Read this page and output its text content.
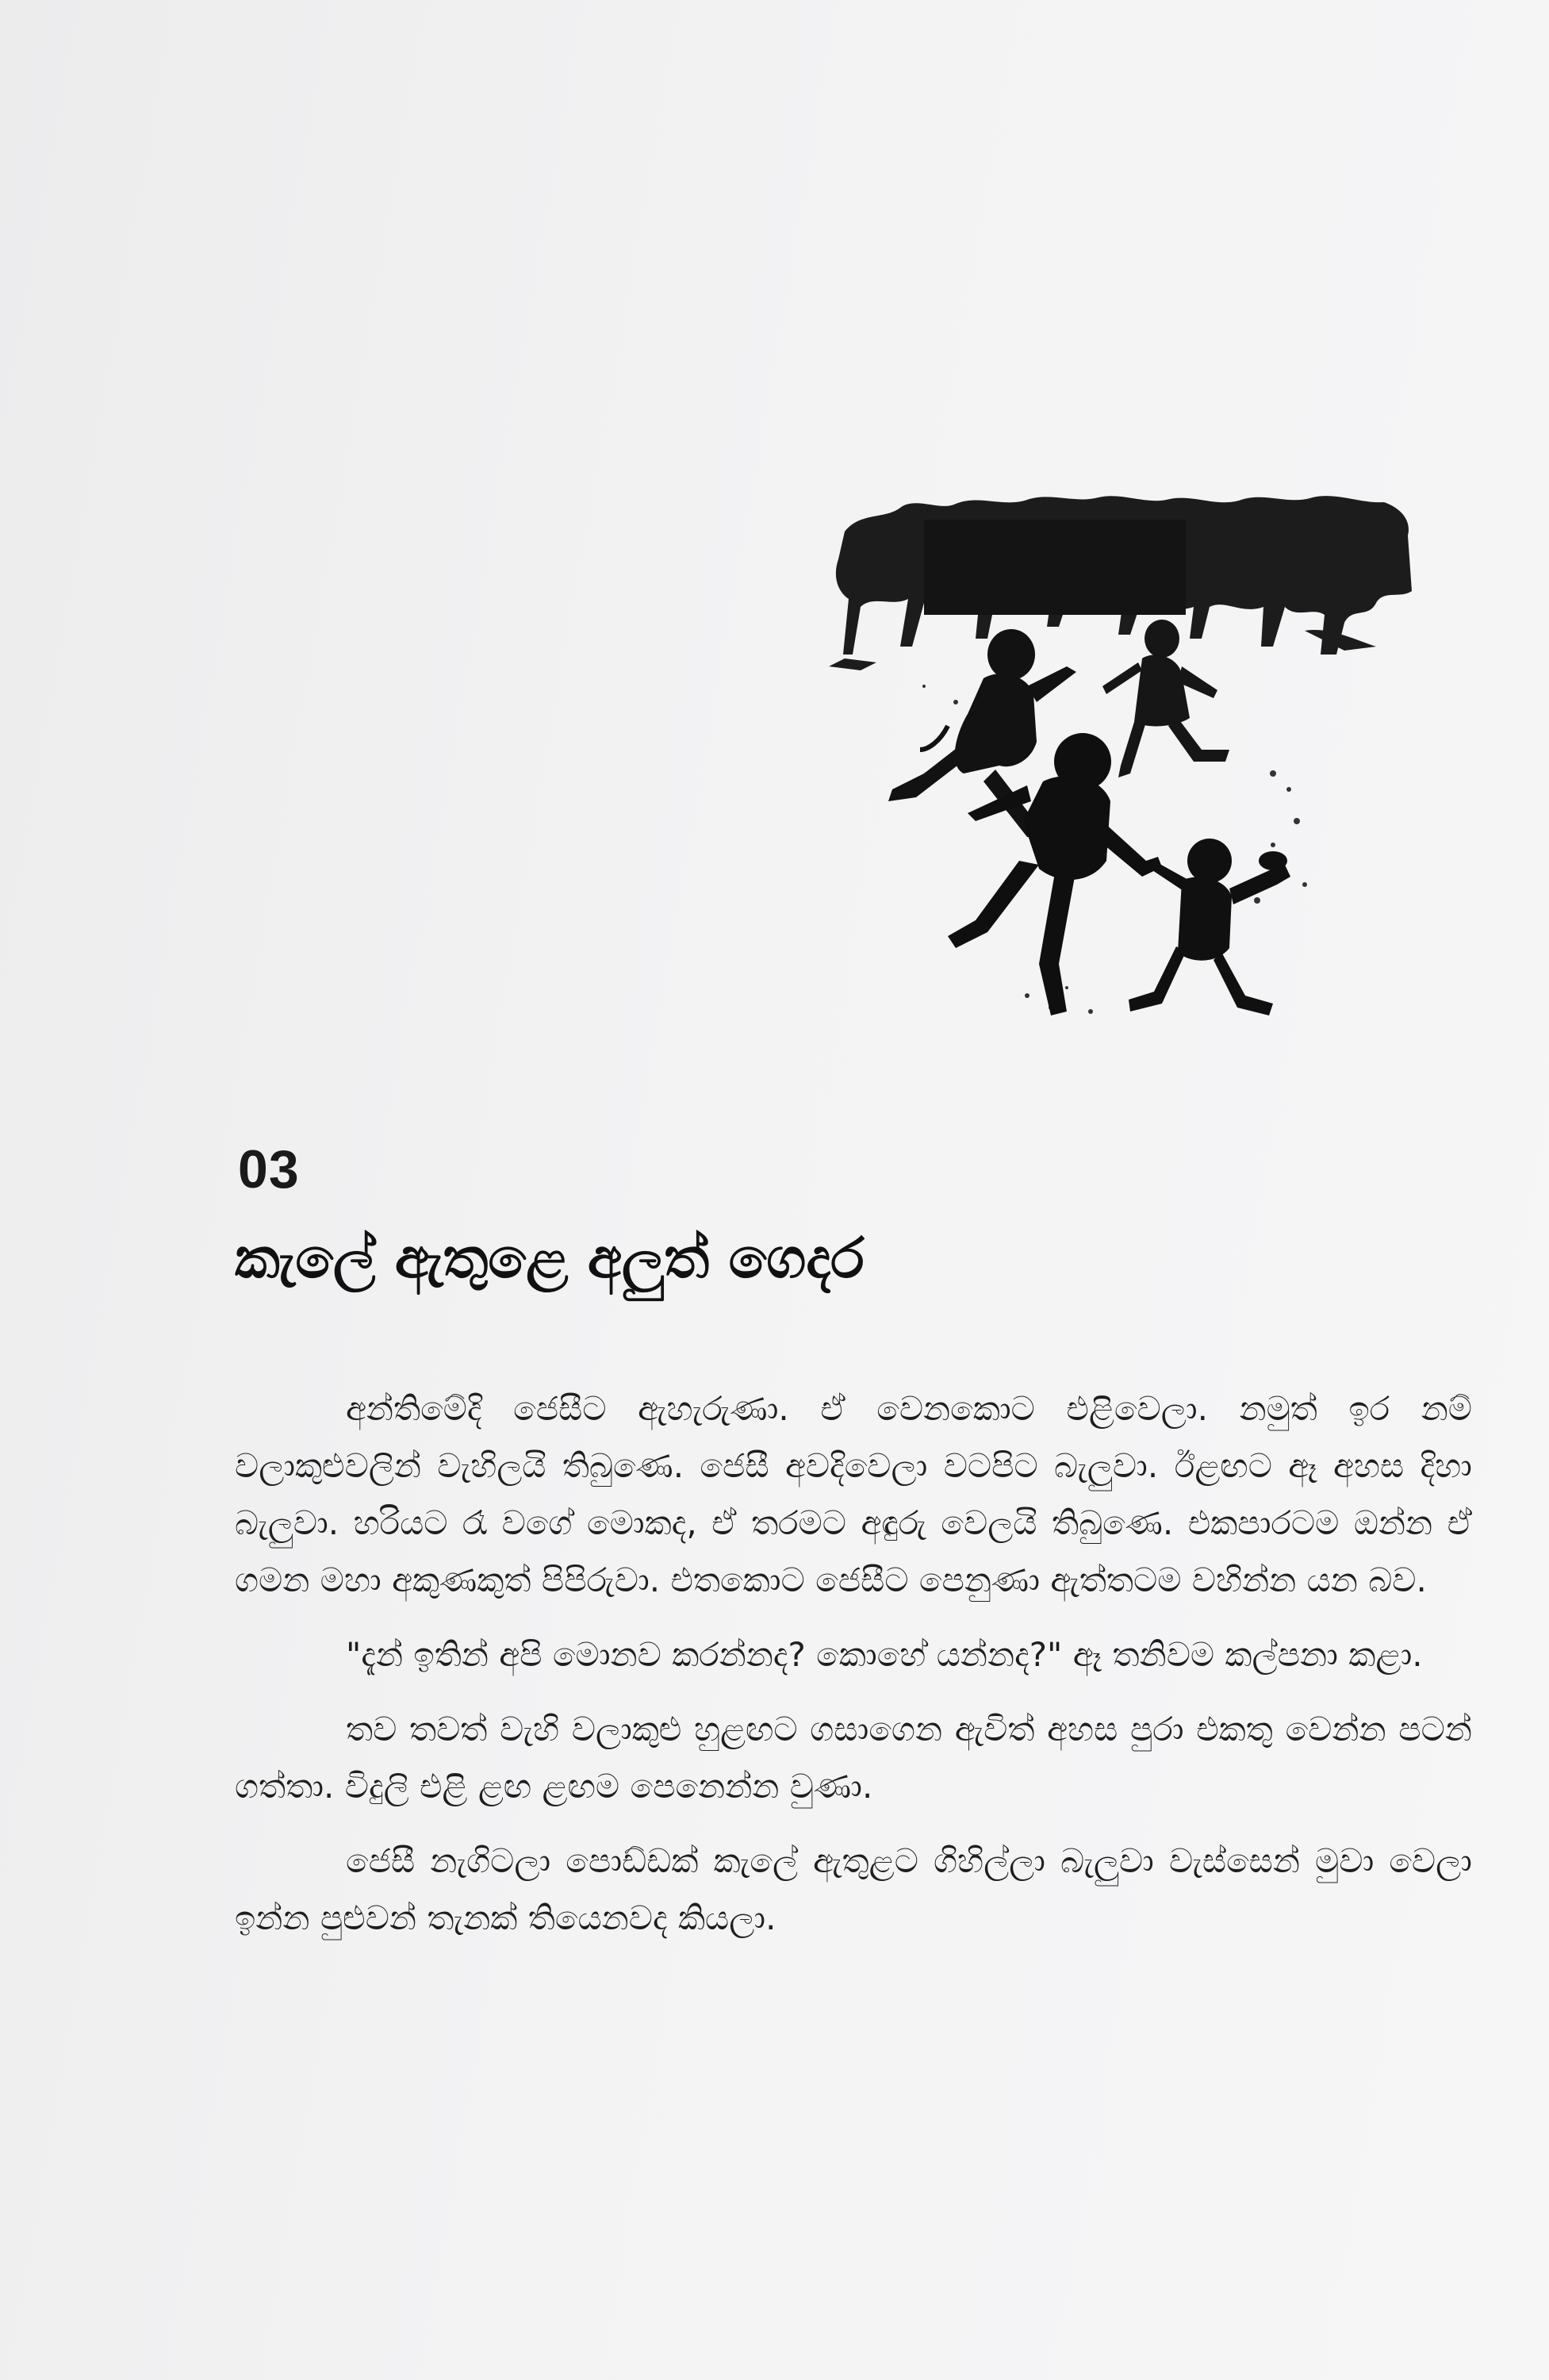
03
කැලේ ඇතුළෙ අලුත් ගෙදර

අන්තිමේදි ජෙසීට ඇහැරුණා. ඒ වෙනකොට එළිවෙලා. නමුත් ඉර නම් වලාකුළුවලින් වැහිලයි තිබුණෙ. ජෙසී අවදිවෙලා වටපිට බැලුවා. ඊළඟට ඈ අහස දිහා බැලුවා. හරියට රෑ වගේ මොකද, ඒ තරමට අඳුරු වෙලයි තිබුණෙ. එකපාරටම ඔන්න ඒ ගමන මහා අකුණකුත් පිපිරුවා. එතකොට ජෙසීට පෙනුණා ඇත්තටම වහින්න යන බව.

"දැන් ඉතින් අපි මොනව කරන්නද? කොහේ යන්නද?" ඈ තනිවම කල්පනා කළා.

තව තවත් වැහි වලාකුළු හුළඟට ගසාගෙන ඇවිත් අහස පුරා එකතු වෙන්න පටන් ගත්තා. විදුලි එළි ළඟ ළඟම පෙනෙන්න වුණා.

ජෙසී නැගිටලා පොඩ්ඩක් කැලේ ඇතුළට ගිහිල්ලා බැලුවා වැස්සෙන් මුවා වෙලා ඉන්න පුළුවන් තැනක් තියෙනවද කියලා.
